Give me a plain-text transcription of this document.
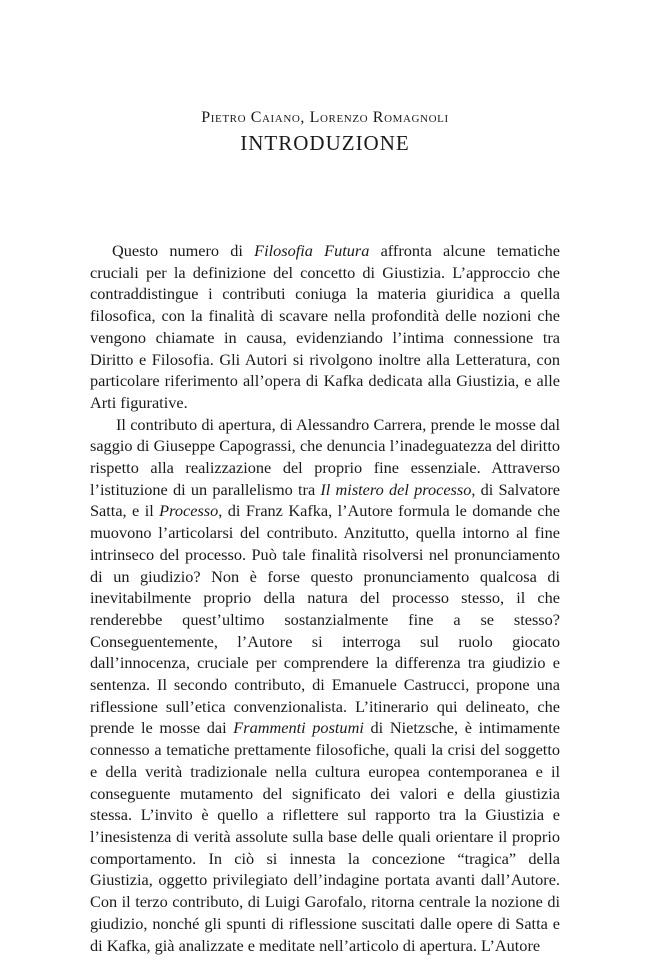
Pietro Caiano, Lorenzo Romagnoli
INTRODUZIONE

Questo numero di Filosofia Futura affronta alcune tematiche cruciali per la definizione del concetto di Giustizia. L’approccio che contraddistingue i contributi coniuga la materia giuridica a quella filosofica, con la finalità di scavare nella profondità delle nozioni che vengono chiamate in causa, evidenziando l’intima connessione tra Diritto e Filosofia. Gli Autori si rivolgono inoltre alla Letteratura, con particolare riferimento all’opera di Kafka dedicata alla Giustizia, e alle Arti figurative.

Il contributo di apertura, di Alessandro Carrera, prende le mosse dal saggio di Giuseppe Capograssi, che denuncia l’inadeguatezza del diritto rispetto alla realizzazione del proprio fine essenziale. Attraverso l’istituzione di un parallelismo tra Il mistero del processo, di Salvatore Satta, e il Processo, di Franz Kafka, l’Autore formula le domande che muovono l’articolarsi del contributo. Anzitutto, quella intorno al fine intrinseco del processo. Può tale finalità risolversi nel pronunciamento di un giudizio? Non è forse questo pronunciamento qualcosa di inevitabilmente proprio della natura del processo stesso, il che renderebbe quest’ultimo sostanzialmente fine a se stesso? Conseguentemente, l’Autore si interroga sul ruolo giocato dall’innocenza, cruciale per comprendere la differenza tra giudizio e sentenza. Il secondo contributo, di Emanuele Castrucci, propone una riflessione sull’etica convenzionalista. L’itinerario qui delineato, che prende le mosse dai Frammenti postumi di Nietzsche, è intimamente connesso a tematiche prettamente filosofiche, quali la crisi del soggetto e della verità tradizionale nella cultura europea contemporanea e il conseguente mutamento del significato dei valori e della giustizia stessa. L’invito è quello a riflettere sul rapporto tra la Giustizia e l’inesistenza di verità assolute sulla base delle quali orientare il proprio comportamento. In ciò si innesta la concezione “tragica” della Giustizia, oggetto privilegiato dell’indagine portata avanti dall’Autore. Con il terzo contributo, di Luigi Garofalo, ritorna centrale la nozione di giudizio, nonché gli spunti di riflessione suscitati dalle opere di Satta e di Kafka, già analizzate e meditate nell’articolo di apertura. L’Autore
